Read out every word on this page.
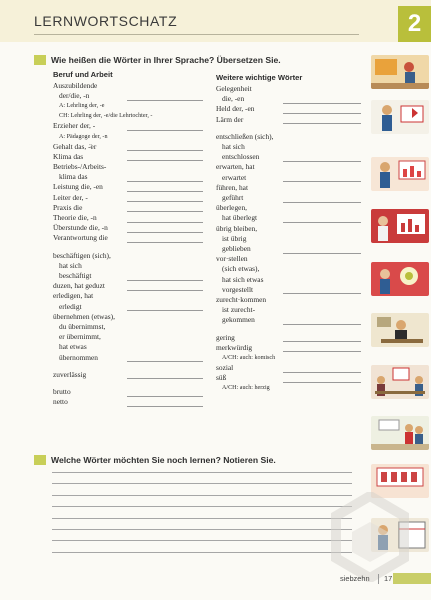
LERNWORTSCHATZ	2
Wie heißen die Wörter in Ihrer Sprache? Übersetzen Sie.
Beruf und Arbeit	Weitere wichtige Wörter
Auszubildende
der/die, -n
A: Lehrling der, -e
CH: Lehrling der, -e/die Lehrtochter, -
Erzieher der, -
A: Pädagoge der, -n
Gehalt das, -̈er
Klima das
Betriebs-/Arbeits-
klima das
Leistung die, -en
Leiter der, -
Praxis die
Theorie die, -n
Überstunde die, -n
Verantwortung die
beschäftigen (sich),
hat sich
beschäftigt
duzen, hat geduzt
erledigen, hat
erledigt
übernehmen (etwas),
du übernimmst,
er übernimmt,
hat etwas
übernommen
zuverlässig
brutto
netto
Gelegenheit
die, -en
Held der, -en
Lärm der
entschließen (sich),
hat sich
entschlossen
erwarten, hat
erwartet
führen, hat
geführt
überlegen,
hat überlegt
übrig bleiben,
ist übrig
geblieben
vor·stellen
(sich etwas),
hat sich etwas
vorgestellt
zurecht·kommen
ist zurecht-
gekommen
gering
merkwürdig
A/CH: auch: komisch
sozial
süß
A/CH: auch: herzig
Welche Wörter möchten Sie noch lernen? Notieren Sie.
siebzehn 17
